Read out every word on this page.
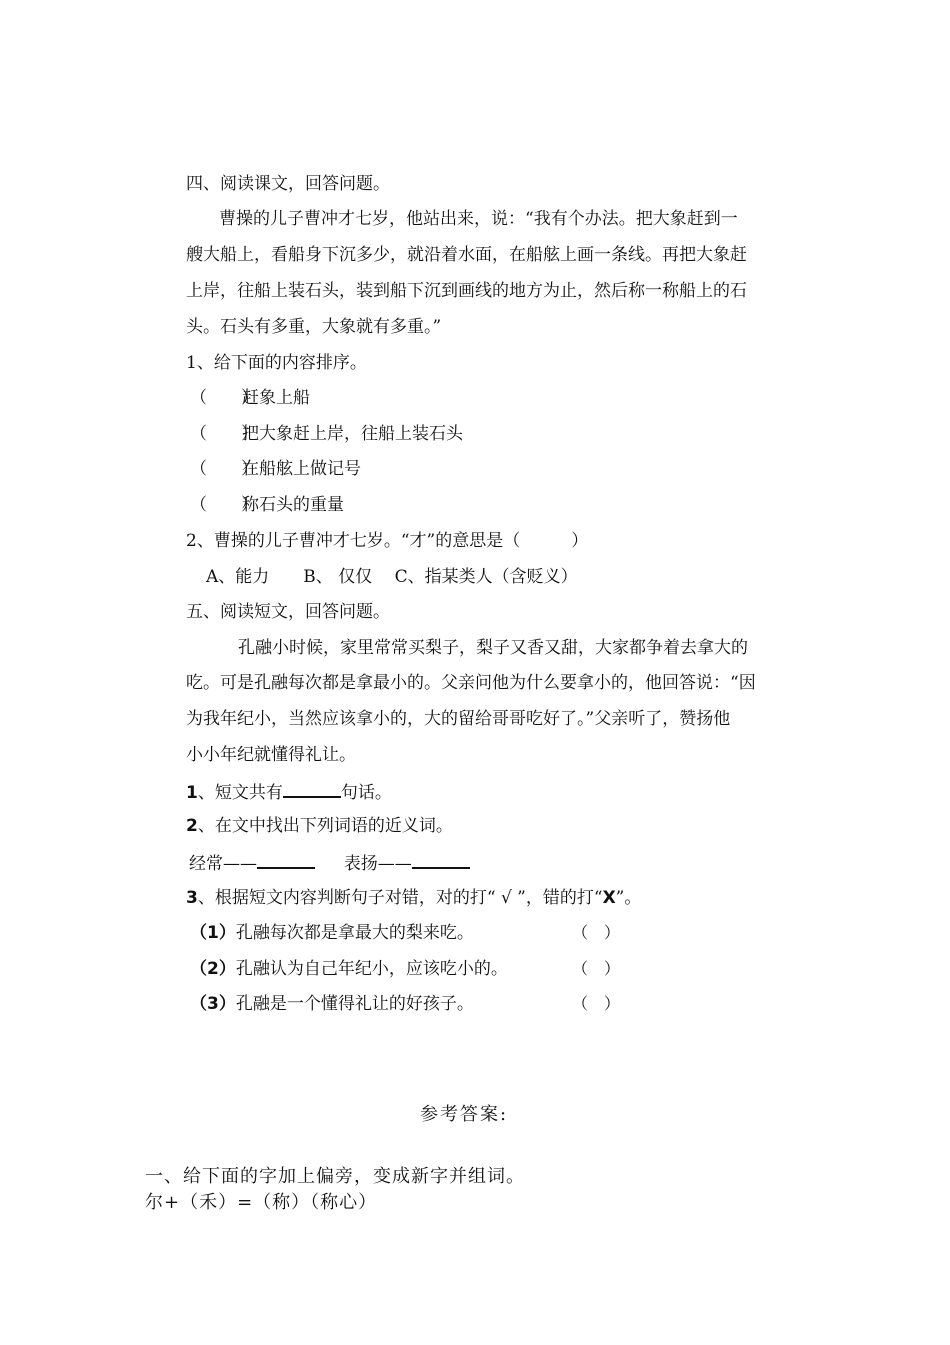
四、阅读课文，回答问题。
曹操的儿子曹冲才七岁，他站出来，说：“我有个办法。把大象赶到一
艘大船上，看船身下沉多少，就沿着水面，在船舷上画一条线。再把大象赶
上岸，往船上装石头，装到船下沉到画线的地方为止，然后称一称船上的石
头。石头有多重，大象就有多重。”
1、给下面的内容排序。
（　　）赶象上船
（　　）把大象赶上岸，往船上装石头
（　　）在船舷上做记号
（　　）称石头的重量
2、曹操的儿子曹冲才七岁。“才”的意思是（　　　）
A、能力　　B、 仅仅　 C、指某类人（含贬义）
五、阅读短文，回答问题。
孔融小时候，家里常常买梨子，梨子又香又甜，大家都争着去拿大的
吃。可是孔融每次都是拿最小的。父亲问他为什么要拿小的，他回答说：“因
为我年纪小，当然应该拿小的，大的留给哥哥吃好了。”父亲听了，赞扬他
小小年纪就懂得礼让。
1、短文共有	句话。
2、在文中找出下列词语的近义词。
经常——	表扬——
3、根据短文内容判断句子对错，对的打“ √ ”，错的打“X”。
（1）孔融每次都是拿最大的梨来吃。	（　）
（2）孔融认为自己年纪小，应该吃小的。	（　）
（3）孔融是一个懂得礼让的好孩子。	（　）
参考答案:
一、给下面的字加上偏旁，变成新字并组词。
尔+（禾）=（称）（称心）
